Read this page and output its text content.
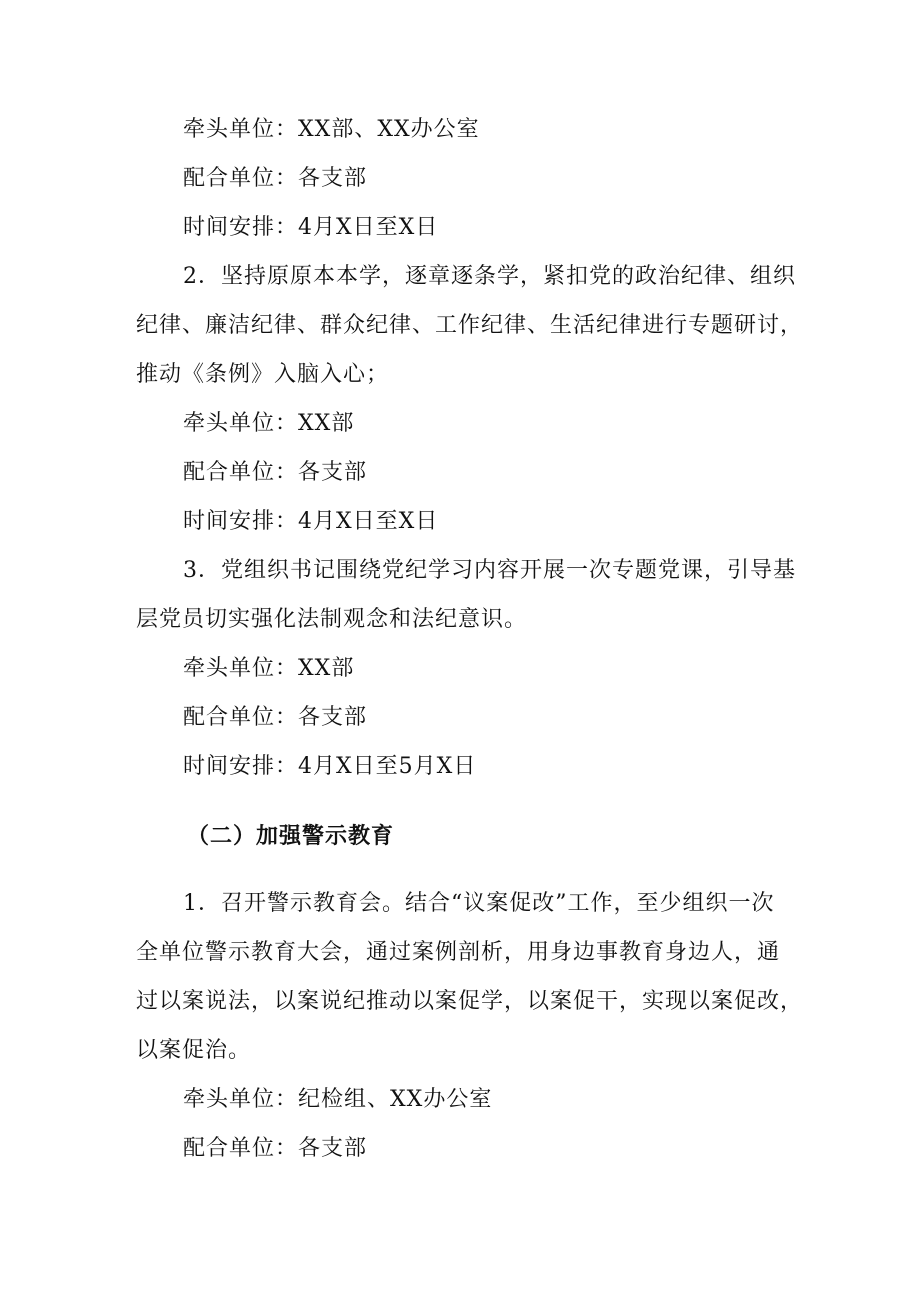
牵头单位：XX部、XX办公室
配合单位：各支部
时间安排：4月X日至X日
2．坚持原原本本学，逐章逐条学，紧扣党的政治纪律、组织
纪律、廉洁纪律、群众纪律、工作纪律、生活纪律进行专题研讨，
推动《条例》入脑入心；
牵头单位：XX部
配合单位：各支部
时间安排：4月X日至X日
3．党组织书记围绕党纪学习内容开展一次专题党课，引导基
层党员切实强化法制观念和法纪意识。
牵头单位：XX部
配合单位：各支部
时间安排：4月X日至5月X日
（二）加强警示教育
1．召开警示教育会。结合“议案促改”工作，至少组织一次
全单位警示教育大会，通过案例剖析，用身边事教育身边人，通
过以案说法，以案说纪推动以案促学，以案促干，实现以案促改，
以案促治。
牵头单位：纪检组、XX办公室
配合单位：各支部
